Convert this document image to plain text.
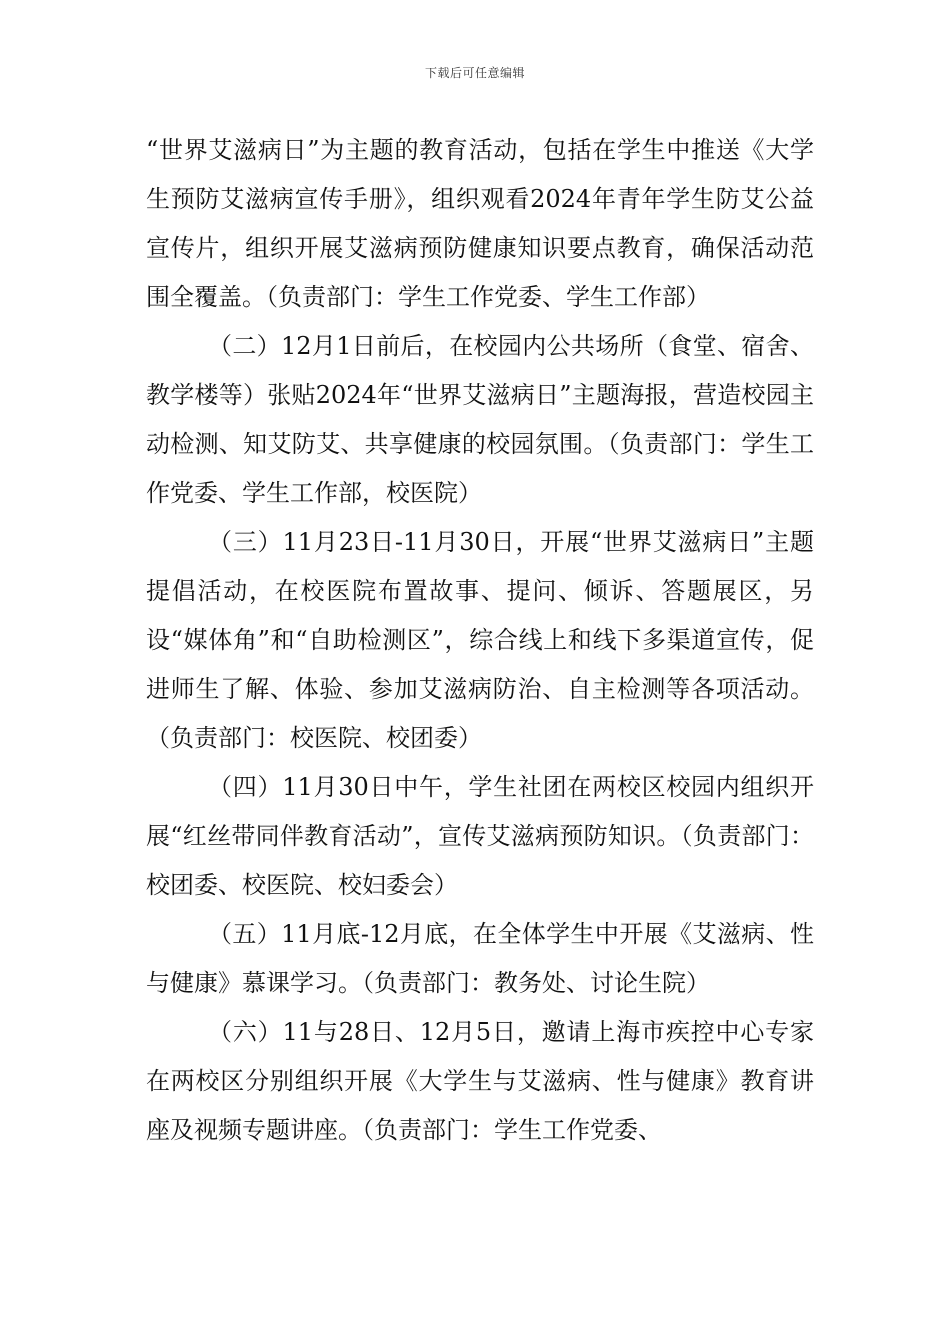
下载后可任意编辑

“世界艾滋病日”为主题的教育活动，包括在学生中推送《大学生预防艾滋病宣传手册》，组织观看2024年青年学生防艾公益宣传片，组织开展艾滋病预防健康知识要点教育，确保活动范围全覆盖。（负责部门：学生工作党委、学生工作部）

（二）12月1日前后，在校园内公共场所（食堂、宿舍、教学楼等）张贴2024年“世界艾滋病日”主题海报，营造校园主动检测、知艾防艾、共享健康的校园氛围。（负责部门：学生工作党委、学生工作部，校医院）

（三）11月23日-11月30日，开展“世界艾滋病日”主题提倡活动，在校医院布置故事、提问、倾诉、答题展区，另设“媒体角”和“自助检测区”，综合线上和线下多渠道宣传，促进师生了解、体验、参加艾滋病防治、自主检测等各项活动。（负责部门：校医院、校团委）

（四）11月30日中午，学生社团在两校区校园内组织开展“红丝带同伴教育活动”，宣传艾滋病预防知识。（负责部门：校团委、校医院、校妇委会）

（五）11月底-12月底，在全体学生中开展《艾滋病、性与健康》慕课学习。（负责部门：教务处、讨论生院）

（六）11与28日、12月5日，邀请上海市疾控中心专家在两校区分别组织开展《大学生与艾滋病、性与健康》教育讲座及视频专题讲座。（负责部门：学生工作党委、
